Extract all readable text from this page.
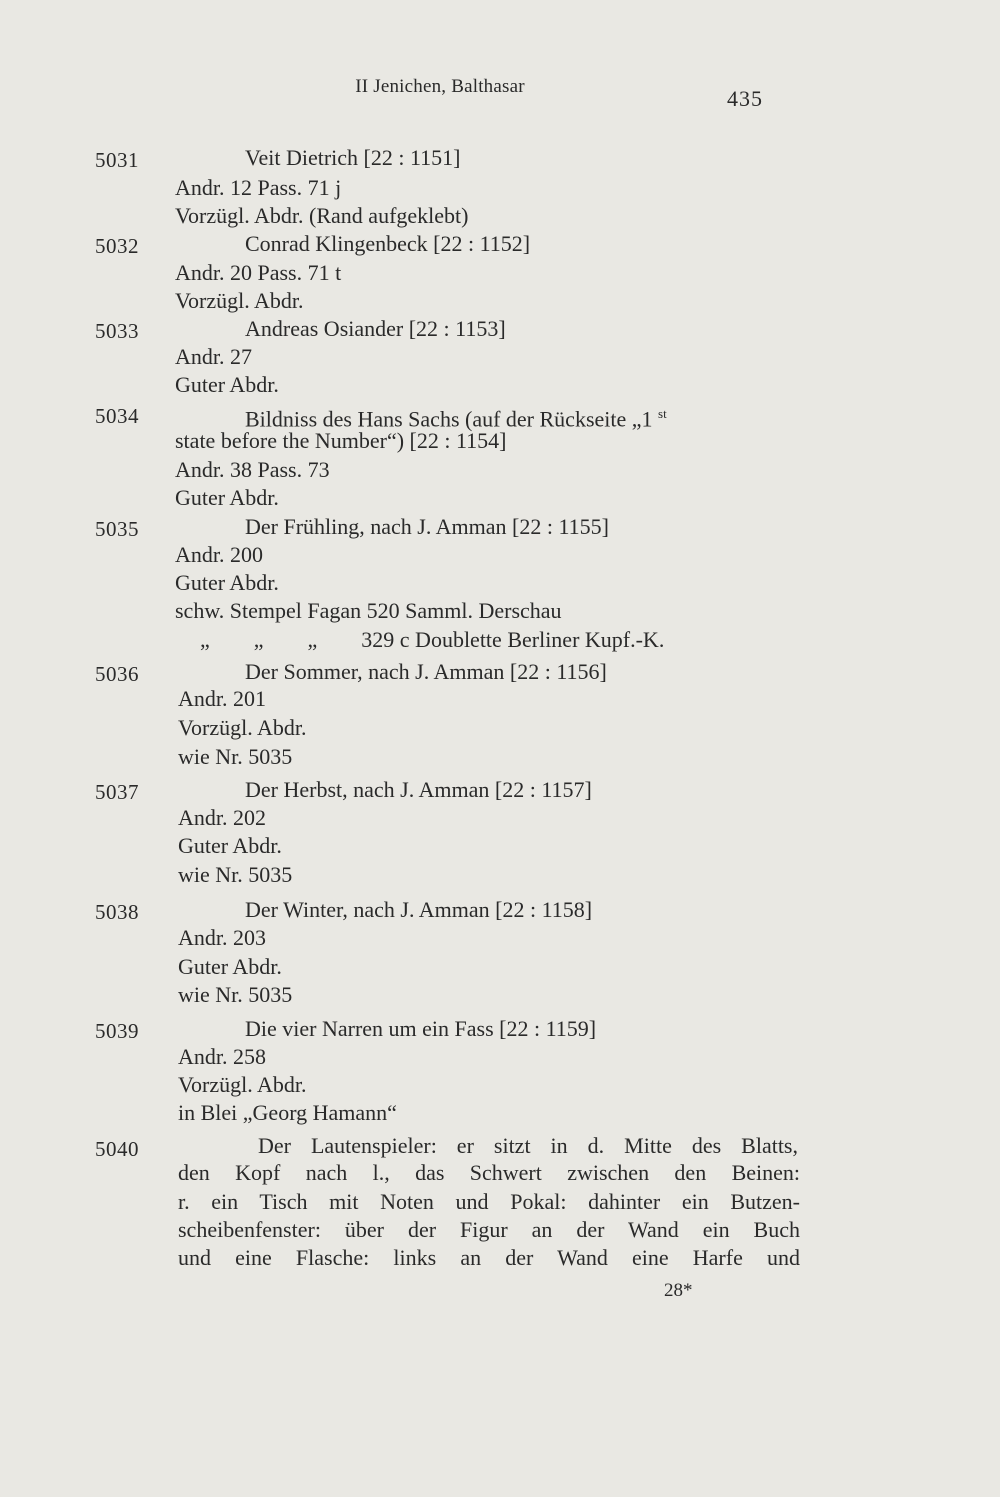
II Jenichen, Balthasar	435
5031	Veit Dietrich [22 : 1151]
Andr. 12 Pass. 71 j
Vorzügl. Abdr. (Rand aufgeklebt)
5032	Conrad Klingenbeck [22 : 1152]
Andr. 20 Pass. 71 t
Vorzügl. Abdr.
5033	Andreas Osiander [22 : 1153]
Andr. 27
Guter Abdr.
5034	Bildniss des Hans Sachs (auf der Rückseite „1 $^{st}$
state before the Number“) [22 : 1154]
Andr. 38 Pass. 73
Guter Abdr.
5035	Der Frühling, nach J. Amman [22 : 1155]
Andr. 200
Guter Abdr.
schw. Stempel Fagan 520 Samml. Derschau
„        „        „        329 c Doublette Berliner Kupf.-K.
5036	Der Sommer, nach J. Amman [22 : 1156]
Andr. 201
Vorzügl. Abdr.
wie Nr. 5035
5037	Der Herbst, nach J. Amman [22 : 1157]
Andr. 202
Guter Abdr.
wie Nr. 5035
5038	Der Winter, nach J. Amman [22 : 1158]
Andr. 203
Guter Abdr.
wie Nr. 5035
5039	Die vier Narren um ein Fass [22 : 1159]
Andr. 258
Vorzügl. Abdr.
in Blei „Georg Hamann“
5040	Der Lautenspieler: er sitzt in d. Mitte des Blatts,
den Kopf nach l., das Schwert zwischen den Beinen:
r. ein Tisch mit Noten und Pokal: dahinter ein Butzen-
scheibenfenster: über der Figur an der Wand ein Buch
und eine Flasche: links an der Wand eine Harfe und
28*
